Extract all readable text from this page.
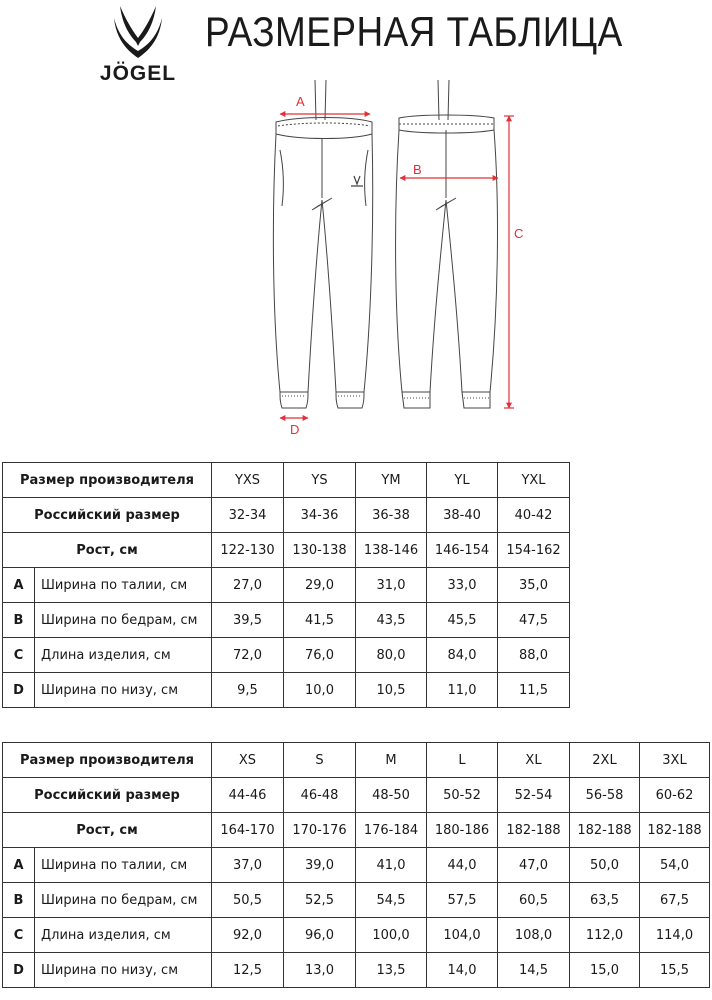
JÖGEL
РАЗМЕРНАЯ ТАБЛИЦА
A
B
C
D
Размер производителя		YXS	YS	YM	YL	YXL
Российский размер		32-34	34-36	36-38	38-40	40-42
Рост, см		122-130	130-138	138-146	146-154	154-162
A	Ширина по талии, см	27,0	29,0	31,0	33,0	35,0
B	Ширина по бедрам, см	39,5	41,5	43,5	45,5	47,5
C	Длина изделия, см	72,0	76,0	80,0	84,0	88,0
D	Ширина по низу, см	9,5	10,0	10,5	11,0	11,5
Размер производителя		XS	S	M	L	XL	2XL	3XL
Российский размер		44-46	46-48	48-50	50-52	52-54	56-58	60-62
Рост, см		164-170	170-176	176-184	180-186	182-188	182-188	182-188
A	Ширина по талии, см	37,0	39,0	41,0	44,0	47,0	50,0	54,0
B	Ширина по бедрам, см	50,5	52,5	54,5	57,5	60,5	63,5	67,5
C	Длина изделия, см	92,0	96,0	100,0	104,0	108,0	112,0	114,0
D	Ширина по низу, см	12,5	13,0	13,5	14,0	14,5	15,0	15,5
